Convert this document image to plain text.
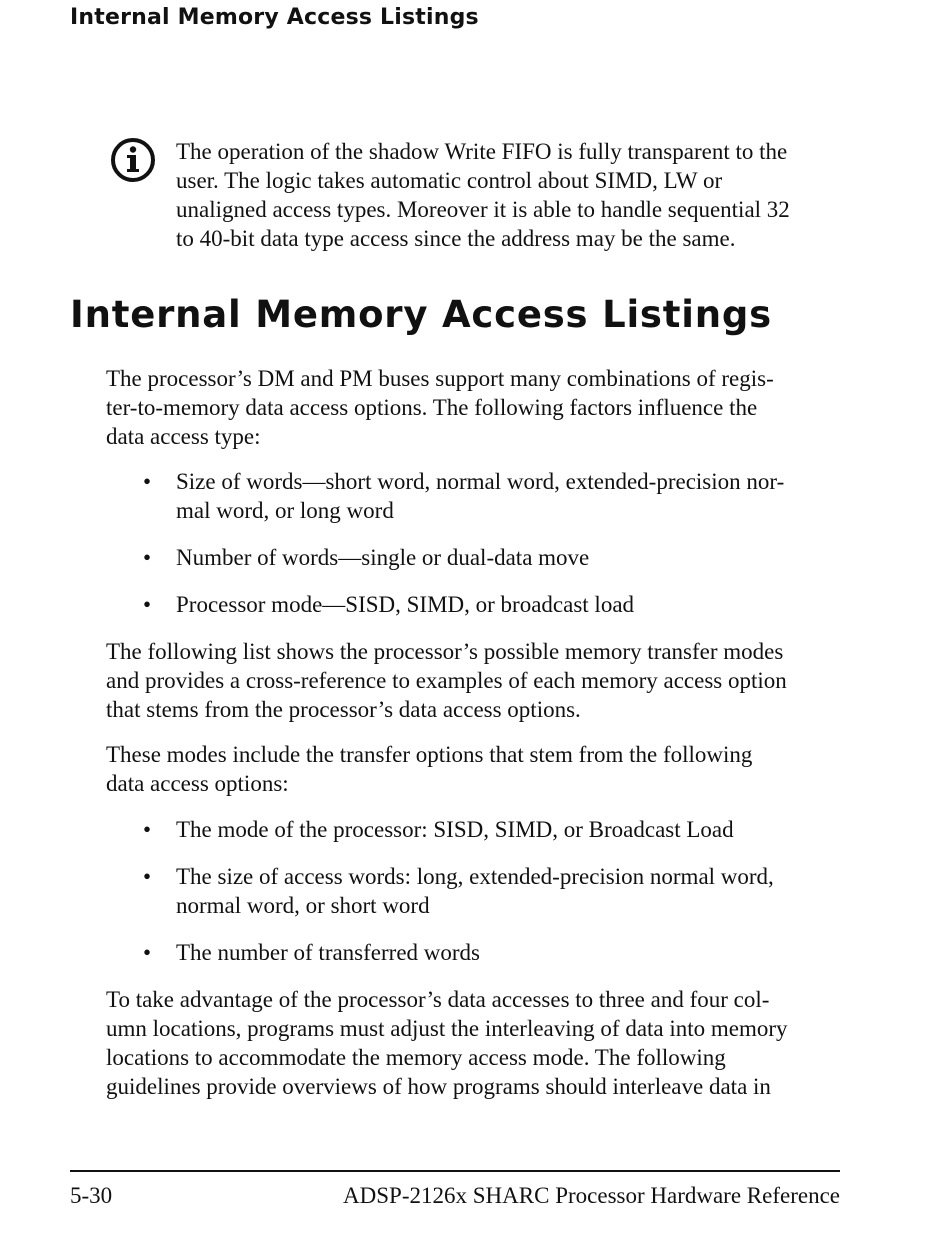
Internal Memory Access Listings
The operation of the shadow Write FIFO is fully transparent to the
user. The logic takes automatic control about SIMD, LW or
unaligned access types. Moreover it is able to handle sequential 32
to 40-bit data type access since the address may be the same.
Internal Memory Access Listings
The processor’s DM and PM buses support many combinations of regis-
ter-to-memory data access options. The following factors influence the
data access type:
•	Size of words—short word, normal word, extended-precision nor-
mal word, or long word
•	Number of words—single or dual-data move
•	Processor mode—SISD, SIMD, or broadcast load
The following list shows the processor’s possible memory transfer modes
and provides a cross-reference to examples of each memory access option
that stems from the processor’s data access options.
These modes include the transfer options that stem from the following
data access options:
•	The mode of the processor: SISD, SIMD, or Broadcast Load
•	The size of access words: long, extended-precision normal word,
normal word, or short word
•	The number of transferred words
To take advantage of the processor’s data accesses to three and four col-
umn locations, programs must adjust the interleaving of data into memory
locations to accommodate the memory access mode. The following
guidelines provide overviews of how programs should interleave data in
5-30	ADSP-2126x SHARC Processor Hardware Reference
